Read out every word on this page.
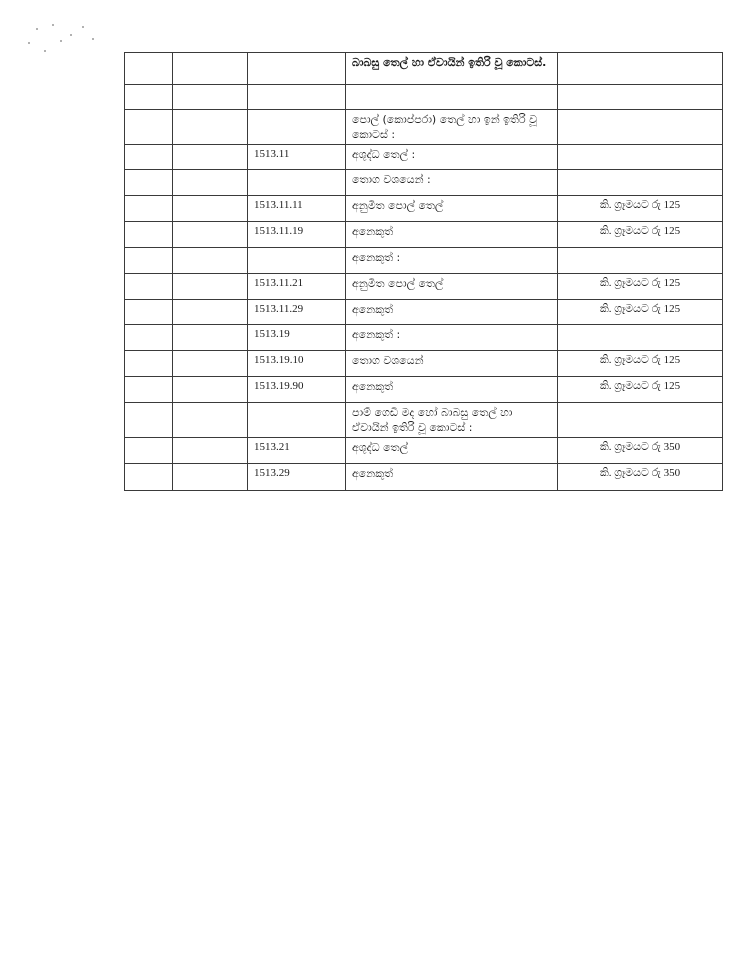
			බාබසු තෙල් හා ඒවායින් ඉතිරි වූ කොටස්.	

			පොල් (කොප්පරා) තෙල් හා ඉන් ඉතිරි වූ කොටස් :	
		1513.11	අශුද්ධ තෙල් :	
			තොග වශයෙන් :	
		1513.11.11	අනුමිත පොල් තෙල්	කි. ග්‍රෑමයට රු 125
		1513.11.19	අනෙකුත්	කි. ග්‍රෑමයට රු 125
			අනෙකුත් :	
		1513.11.21	අනුමිත පොල් තෙල්	කි. ග්‍රෑමයට රු 125
		1513.11.29	අනෙකුත්	කි. ග්‍රෑමයට රු 125
		1513.19	අනෙකුත් :	
		1513.19.10	තොග වශයෙන්	කි. ග්‍රෑමයට රු 125
		1513.19.90	අනෙකුත්	කි. ග්‍රෑමයට රු 125
			පාම් ගෙඩි මද හෝ බාබසු තෙල් හා ඒවායින් ඉතිරි වූ කොටස් :	
		1513.21	අශුද්ධ තෙල්	කි. ග්‍රෑමයට රු 350
		1513.29	අනෙකුත්	කි. ග්‍රෑමයට රු 350
